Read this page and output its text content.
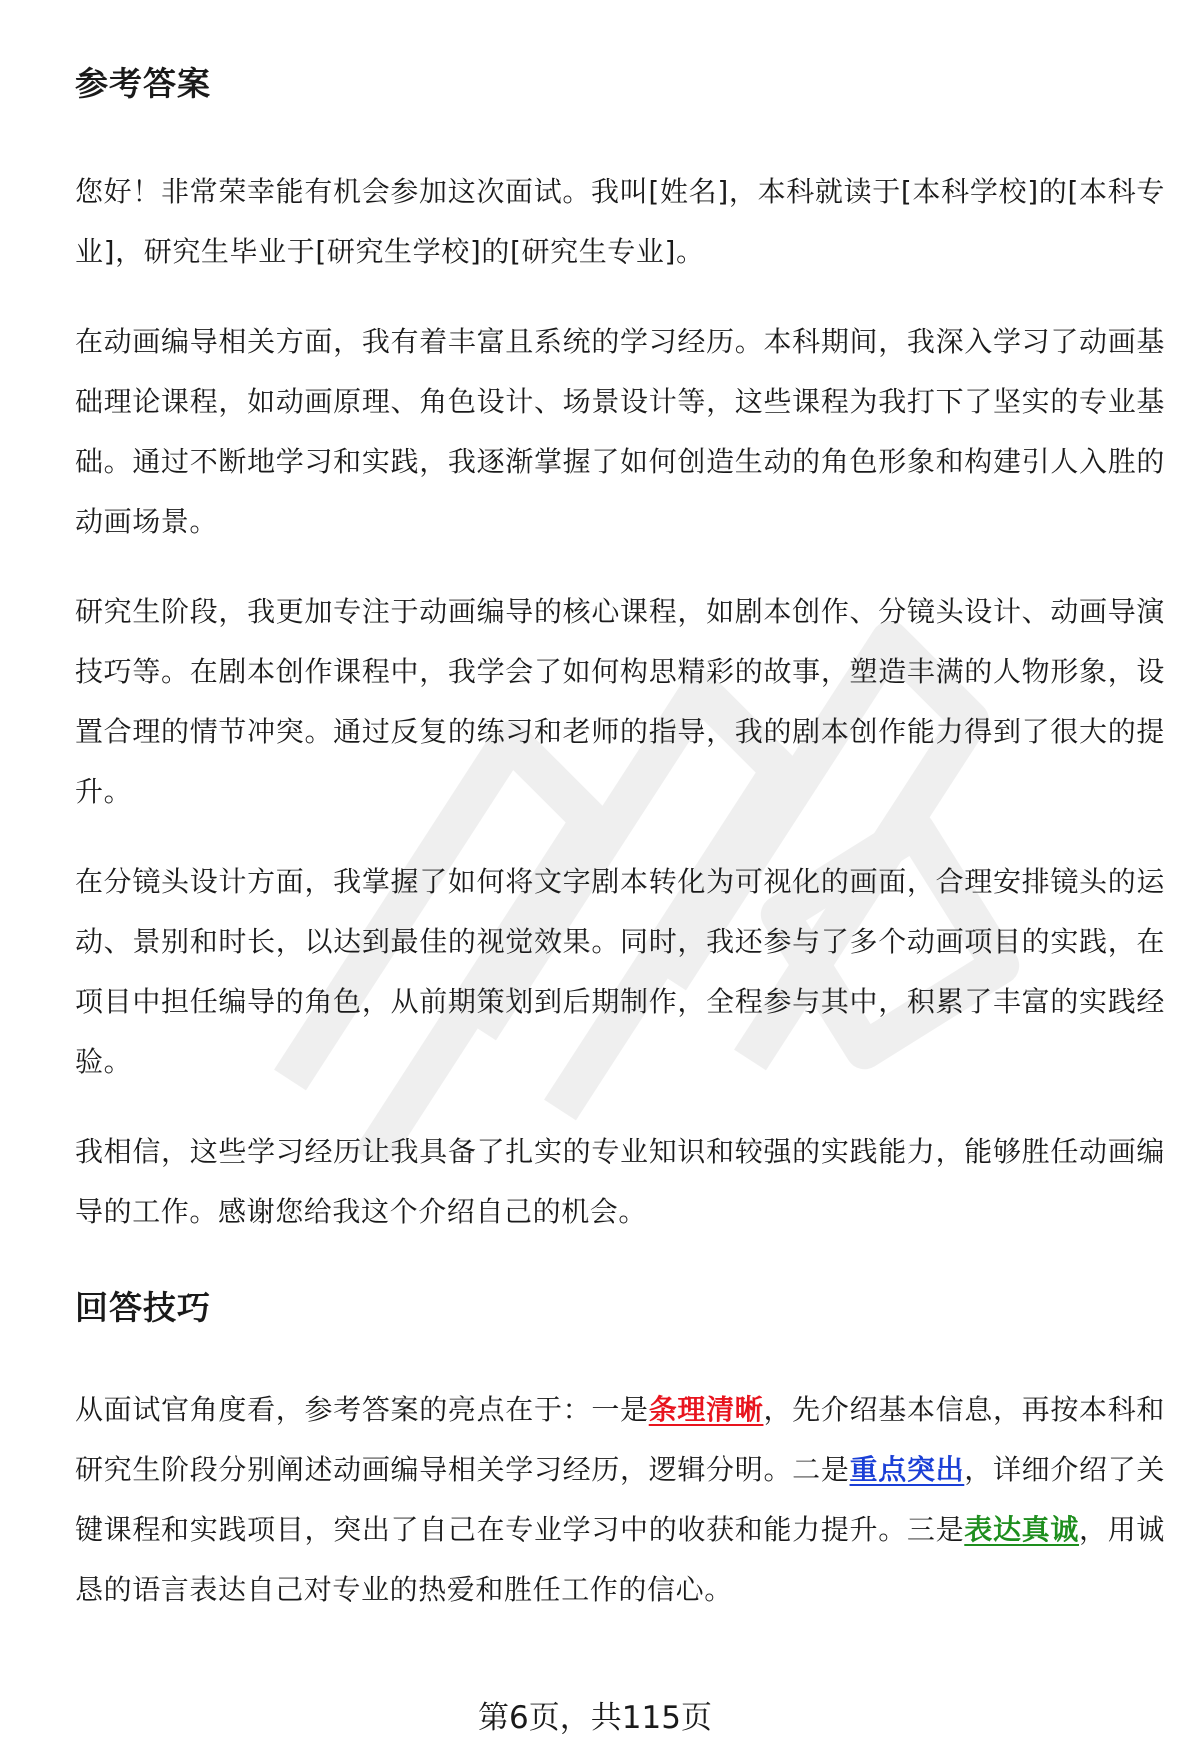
参考答案

您好！非常荣幸能有机会参加这次面试。我叫[姓名]，本科就读于[本科学校]的[本科专业]，研究生毕业于[研究生学校]的[研究生专业]。

在动画编导相关方面，我有着丰富且系统的学习经历。本科期间，我深入学习了动画基础理论课程，如动画原理、角色设计、场景设计等，这些课程为我打下了坚实的专业基础。通过不断地学习和实践，我逐渐掌握了如何创造生动的角色形象和构建引人入胜的动画场景。

研究生阶段，我更加专注于动画编导的核心课程，如剧本创作、分镜头设计、动画导演技巧等。在剧本创作课程中，我学会了如何构思精彩的故事，塑造丰满的人物形象，设置合理的情节冲突。通过反复的练习和老师的指导，我的剧本创作能力得到了很大的提升。

在分镜头设计方面，我掌握了如何将文字剧本转化为可视化的画面，合理安排镜头的运动、景别和时长，以达到最佳的视觉效果。同时，我还参与了多个动画项目的实践，在项目中担任编导的角色，从前期策划到后期制作，全程参与其中，积累了丰富的实践经验。

我相信，这些学习经历让我具备了扎实的专业知识和较强的实践能力，能够胜任动画编导的工作。感谢您给我这个介绍自己的机会。

回答技巧

从面试官角度看，参考答案的亮点在于：一是条理清晰，先介绍基本信息，再按本科和研究生阶段分别阐述动画编导相关学习经历，逻辑分明。二是重点突出，详细介绍了关键课程和实践项目，突出了自己在专业学习中的收获和能力提升。三是表达真诚，用诚恳的语言表达自己对专业的热爱和胜任工作的信心。

第6页，共115页
